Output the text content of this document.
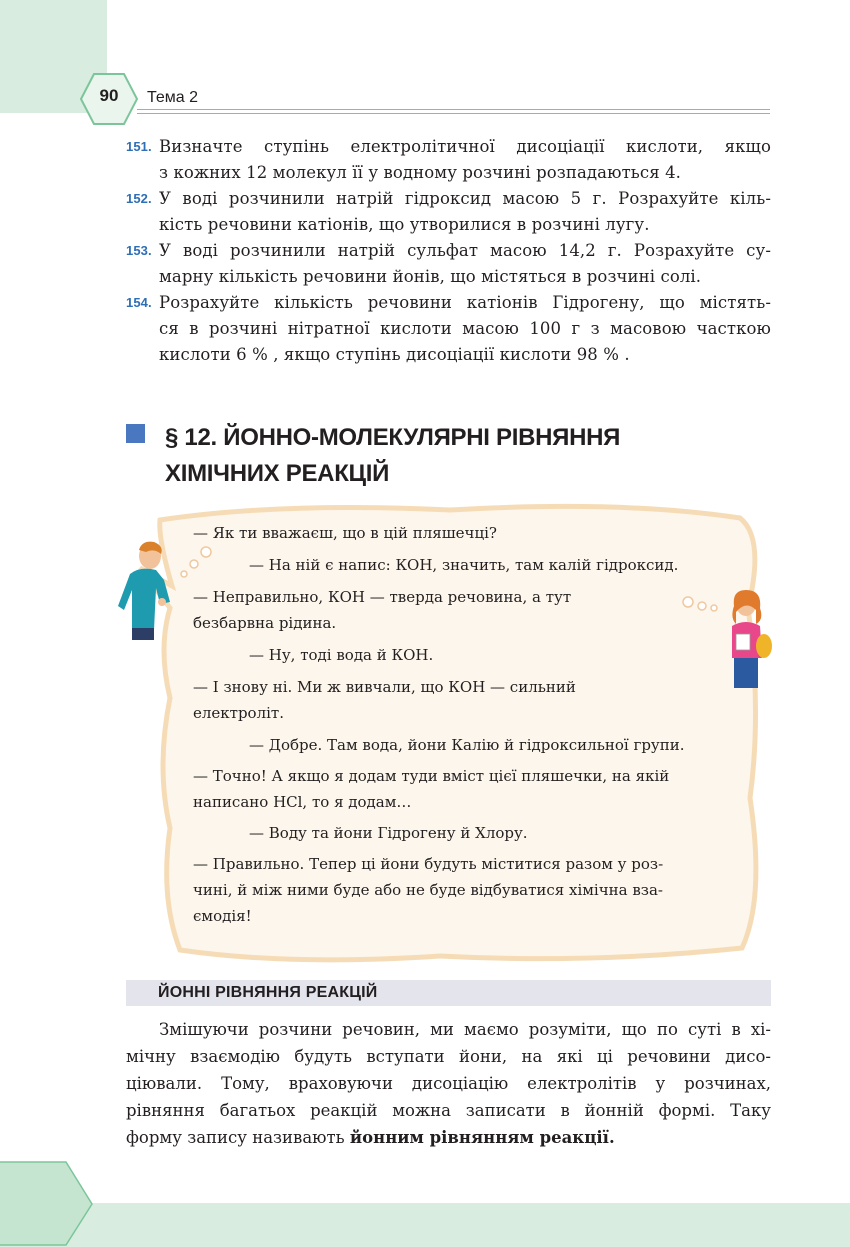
90	Тема 2
151. Визначте ступінь електролітичної дисоціації кислоти, якщо
з кожних 12 молекул її у водному розчині розпадаються 4.
152. У воді розчинили натрій гідроксид масою 5 г. Розрахуйте кіль-
кість речовини катіонів, що утворилися в розчині лугу.
153. У воді розчинили натрій сульфат масою 14,2 г. Розрахуйте су-
марну кількість речовини йонів, що містяться в розчині солі.
154. Розрахуйте кількість речовини катіонів Гідрогену, що містять-
ся в розчині нітратної кислоти масою 100 г з масовою часткою
кислоти 6 % , якщо ступінь дисоціації кислоти 98 % .
§ 12. ЙОННО-МОЛЕКУЛЯРНІ РІВНЯННЯ
ХІМІЧНИХ РЕАКЦІЙ
— Як ти вважаєш, що в цій пляшечці?
— На ній є напис: КОН, значить, там калій гідроксид.
— Неправильно, КОН — тверда речовина, а тут
безбарвна рідина.
— Ну, тоді вода й КОН.
— І знову ні. Ми ж вивчали, що КОН — сильний
електроліт.
— Добре. Там вода, йони Калію й гідроксильної групи.
— Точно! А якщо я додам туди вміст цієї пляшечки, на якій
написано HCl, то я додам…
— Воду та йони Гідрогену й Хлору.
— Правильно. Тепер ці йони будуть міститися разом у роз-
чині, й між ними буде або не буде відбуватися хімічна вза-
ємодія!
ЙОННІ РІВНЯННЯ РЕАКЦІЙ
Змішуючи розчини речовин, ми маємо розуміти, що по суті в хі-
мічну взаємодію будуть вступати йони, на які ці речовини дисо-
ціювали. Тому, враховуючи дисоціацію електролітів у розчинах,
рівняння багатьох реакцій можна записати в йонній формі. Таку
форму запису називають йонним рівнянням реакції.
